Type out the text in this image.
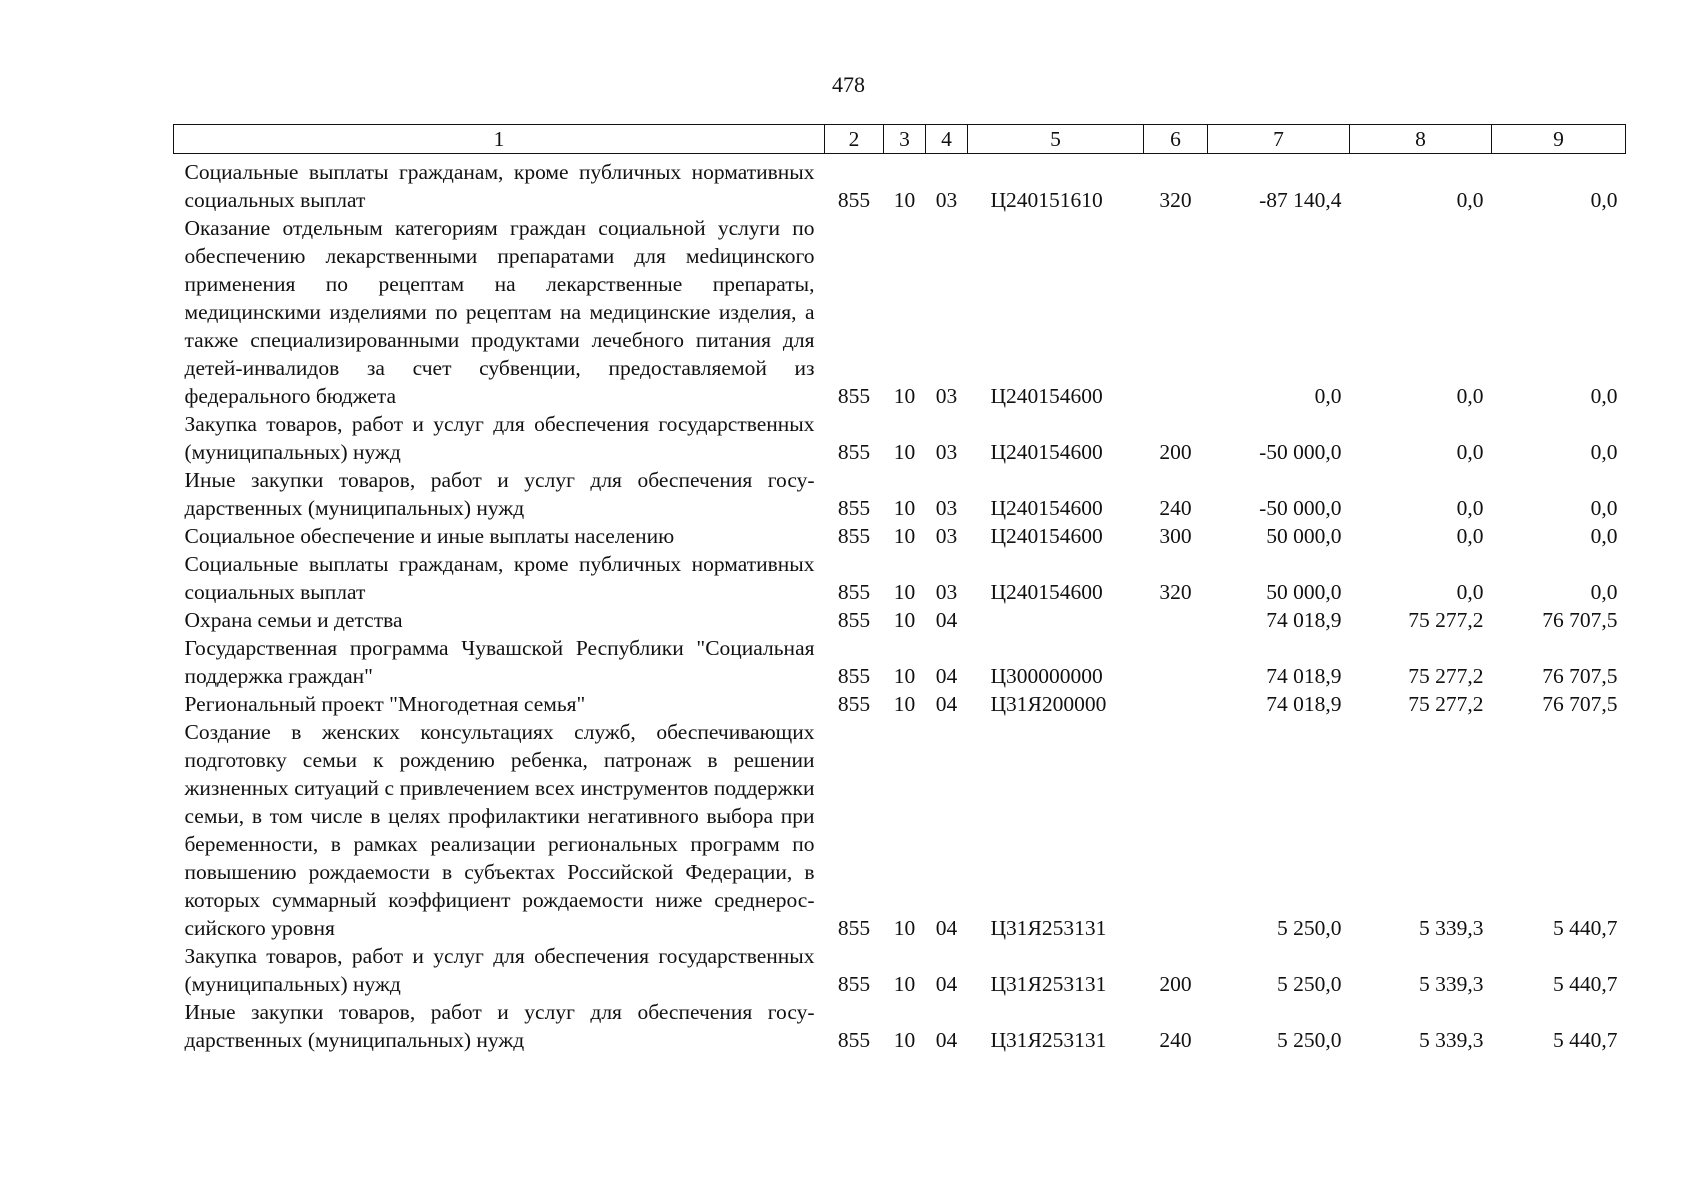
478
1	2	3	4	5	6	7	8	9
Социальные выплаты гражданам, кроме публичных нормативных социальных выплат	855	10	03	Ц240151610	320	-87 140,4	0,0	0,0
Оказание отдельным категориям граждан социальной услуги по обеспечению лекарственными препаратами для меdицинского применения по рецептам на лекарственные препараты, медицинскими изделиями по рецептам на медицинские изделия, а также специализированными продуктами лечебного питания для детей-инвалидов за счет субвенции, предоставляемой из федерального бюджета	855	10	03	Ц240154600		0,0	0,0	0,0
Закупка товаров, работ и услуг для обеспечения государственных (муниципальных) нужд	855	10	03	Ц240154600	200	-50 000,0	0,0	0,0
Иные закупки товаров, работ и услуг для обеспечения государственных (муниципальных) нужд	855	10	03	Ц240154600	240	-50 000,0	0,0	0,0
Социальное обеспечение и иные выплаты населению	855	10	03	Ц240154600	300	50 000,0	0,0	0,0
Социальные выплаты гражданам, кроме публичных нормативных социальных выплат	855	10	03	Ц240154600	320	50 000,0	0,0	0,0
Охрана семьи и детства	855	10	04			74 018,9	75 277,2	76 707,5
Государственная программа Чувашской Республики "Социальная поддержка граждан"	855	10	04	Ц300000000		74 018,9	75 277,2	76 707,5
Региональный проект "Многодетная семья"	855	10	04	Ц31Я200000		74 018,9	75 277,2	76 707,5
Создание в женских консультациях служб, обеспечивающих подготовку семьи к рождению ребенка, патронаж в решении жизненных ситуаций с привлечением всех инструментов поддержки семьи, в том числе в целях профилактики негативного выбора при беременности, в рамках реализации региональных программ по повышению рождаемости в субъектах Российской Федерации, в которых суммарный коэффициент рождаемости ниже среднероссийского уровня	855	10	04	Ц31Я253131		5 250,0	5 339,3	5 440,7
Закупка товаров, работ и услуг для обеспечения государственных (муниципальных) нужд	855	10	04	Ц31Я253131	200	5 250,0	5 339,3	5 440,7
Иные закупки товаров, работ и услуг для обеспечения государственных (муниципальных) нужд	855	10	04	Ц31Я253131	240	5 250,0	5 339,3	5 440,7
